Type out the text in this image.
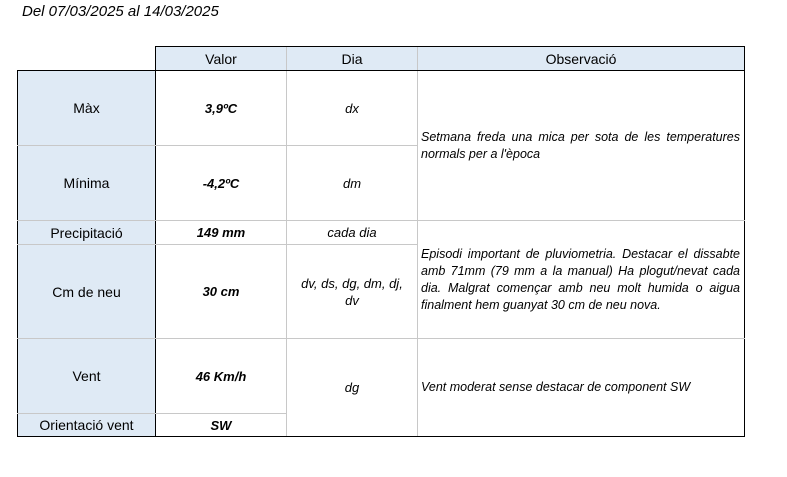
Del 07/03/2025 al 14/03/2025
	Valor	Dia	Observació
Màx	3,9ºC	dx	Setmana freda una mica per sota de les temperatures normals per a l'època
Mínima	-4,2ºC	dm	
Precipitació	149 mm	cada dia	Episodi important de pluviometria. Destacar el dissabte amb 71mm (79 mm a la manual) Ha plogut/nevat cada dia. Malgrat començar amb neu molt humida o aigua finalment hem guanyat 30 cm de neu nova.
Cm de neu	30 cm	dv, ds, dg, dm, dj, dv	
Vent	46 Km/h	dg	Vent moderat sense destacar de component SW
Orientació vent	SW		
